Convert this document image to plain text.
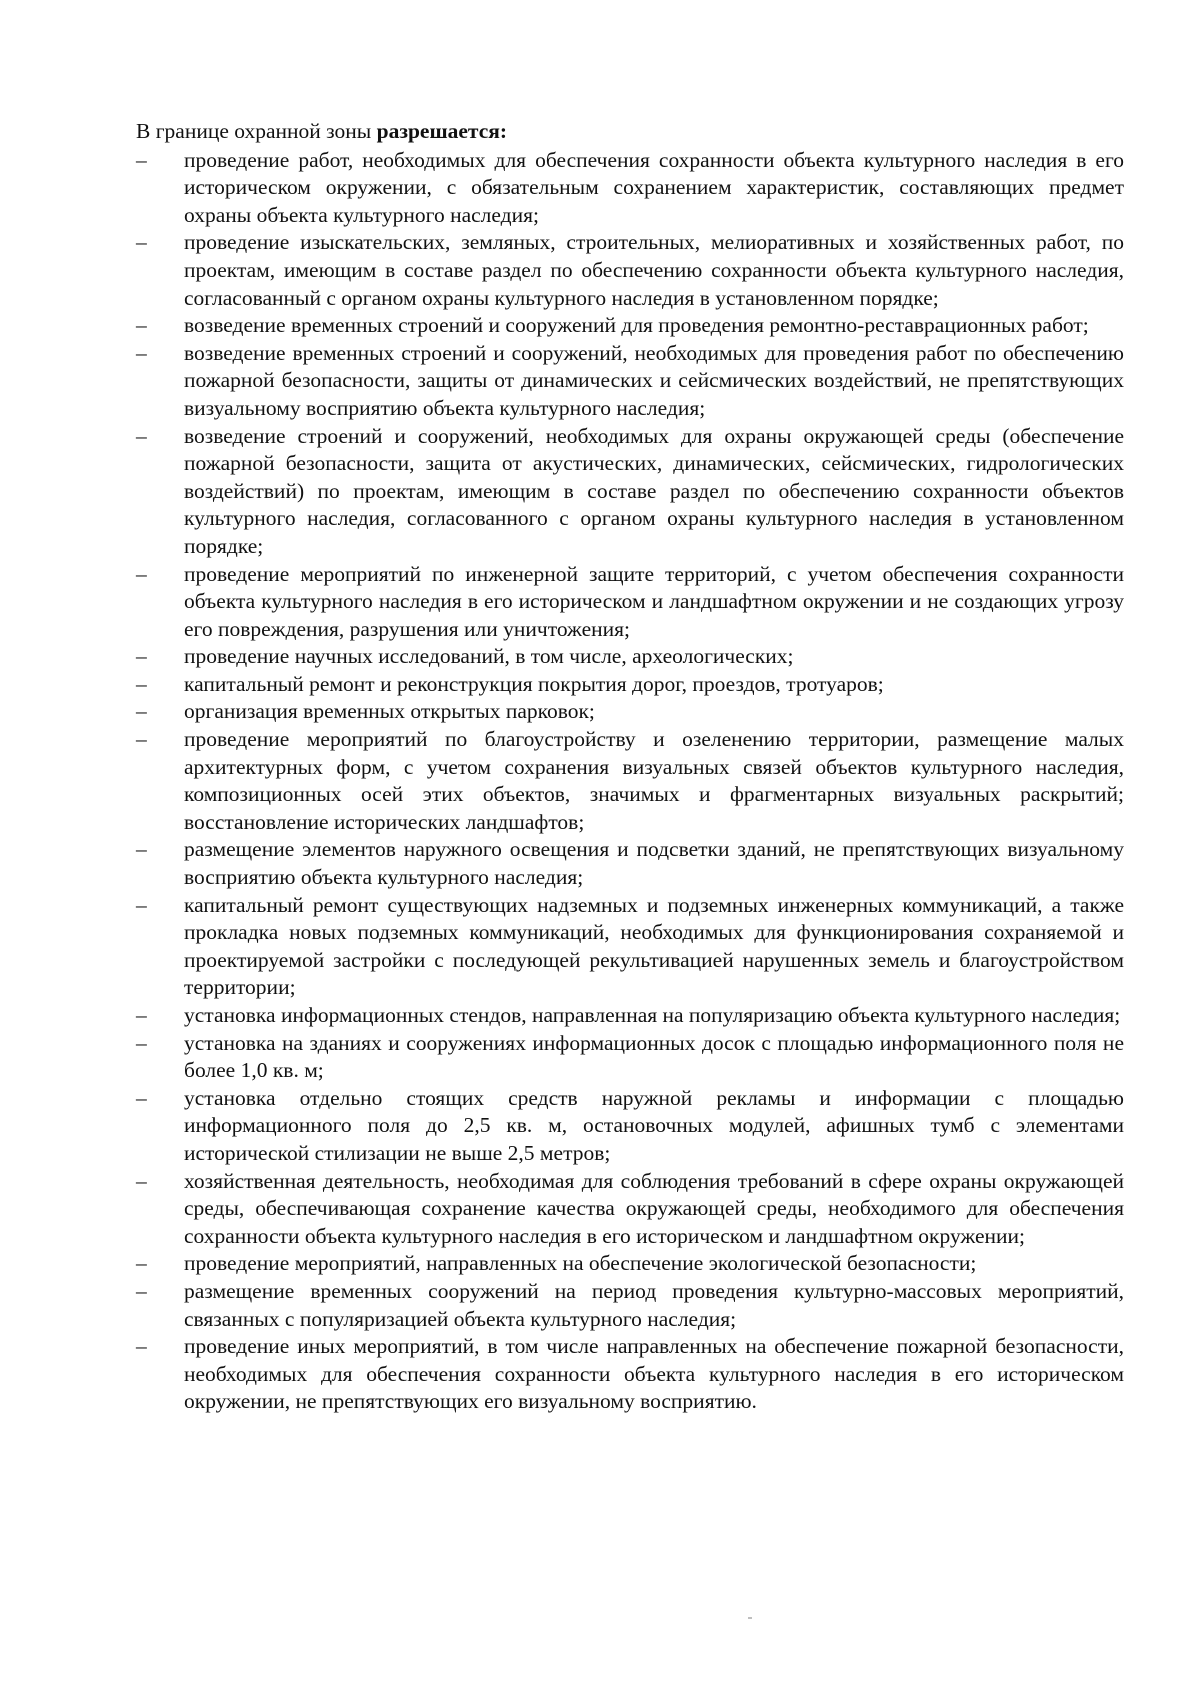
В границе охранной зоны разрешается:

–	проведение работ, необходимых для обеспечения сохранности объекта культурного наследия в его историческом окружении, с обязательным сохранением характеристик, составляющих предмет охраны объекта культурного наследия;
–	проведение изыскательских, земляных, строительных, мелиоративных и хозяйственных работ, по проектам, имеющим в составе раздел по обеспечению сохранности объекта культурного наследия, согласованный с органом охраны культурного наследия в установленном порядке;
–	возведение временных строений и сооружений для проведения ремонтно-реставрационных работ;
–	возведение временных строений и сооружений, необходимых для проведения работ по обеспечению пожарной безопасности, защиты от динамических и сейсмических воздействий, не препятствующих визуальному восприятию объекта культурного наследия;
–	возведение строений и сооружений, необходимых для охраны окружающей среды (обеспечение пожарной безопасности, защита от акустических, динамических, сейсмических, гидрологических воздействий) по проектам, имеющим в составе раздел по обеспечению сохранности объектов культурного наследия, согласованного с органом охраны культурного наследия в установленном порядке;
–	проведение мероприятий по инженерной защите территорий, с учетом обеспечения сохранности объекта культурного наследия в его историческом и ландшафтном окружении и не создающих угрозу его повреждения, разрушения или уничтожения;
–	проведение научных исследований, в том числе, археологических;
–	капитальный ремонт и реконструкция покрытия дорог, проездов, тротуаров;
–	организация временных открытых парковок;
–	проведение мероприятий по благоустройству и озеленению территории, размещение малых архитектурных форм, с учетом сохранения визуальных связей объектов культурного наследия, композиционных осей этих объектов, значимых и фрагментарных визуальных раскрытий; восстановление исторических ландшафтов;
–	размещение элементов наружного освещения и подсветки зданий, не препятствующих визуальному восприятию объекта культурного наследия;
–	капитальный ремонт существующих надземных и подземных инженерных коммуникаций, а также прокладка новых подземных коммуникаций, необходимых для функционирования сохраняемой и проектируемой застройки с последующей рекультивацией нарушенных земель и благоустройством территории;
–	установка информационных стендов, направленная на популяризацию объекта культурного наследия;
–	установка на зданиях и сооружениях информационных досок с площадью информационного поля не более 1,0 кв. м;
–	установка отдельно стоящих средств наружной рекламы и информации с площадью информационного поля до 2,5 кв. м, остановочных модулей, афишных тумб с элементами исторической стилизации не выше 2,5 метров;
–	хозяйственная деятельность, необходимая для соблюдения требований в сфере охраны окружающей среды, обеспечивающая сохранение качества окружающей среды, необходимого для обеспечения сохранности объекта культурного наследия в его историческом и ландшафтном окружении;
–	проведение мероприятий, направленных на обеспечение экологической безопасности;
–	размещение временных сооружений на период проведения культурно-массовых мероприятий, связанных с популяризацией объекта культурного наследия;
–	проведение иных мероприятий, в том числе направленных на обеспечение пожарной безопасности, необходимых для обеспечения сохранности объекта культурного наследия в его историческом окружении, не препятствующих его визуальному восприятию.
